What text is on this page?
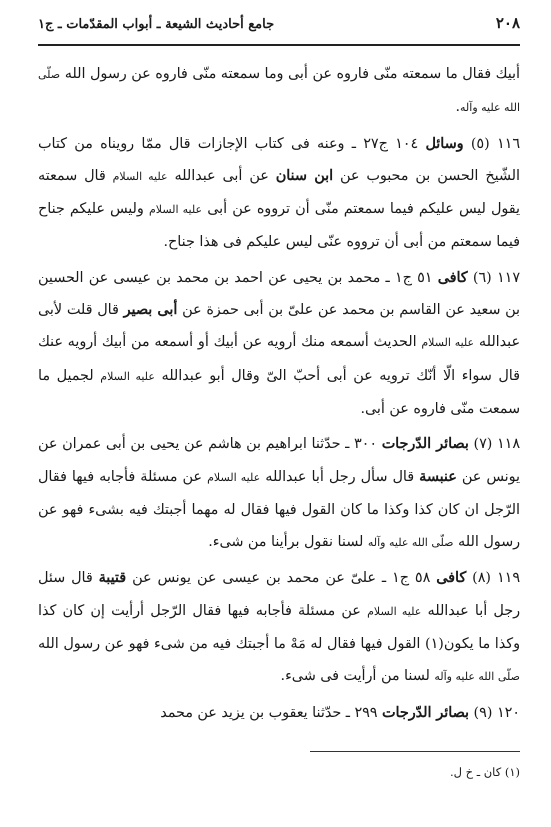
٢٠٨
جامع أحاديث الشيعة ـ أبواب المقدّمات ـ ج١

أبيك فقال ما سمعته منّى فاروه عن أبى وما سمعته منّى فاروه عن رسول الله صلّى الله عليه وآله.

١١٦ (٥) وسائل ١٠٤ ج٢٧ ـ وعنه فى كتاب الإجازات قال ممّا رويناه من كتاب الشّيخ الحسن بن محبوب عن ابن سنان عن أبى عبدالله عليه السلام قال سمعته يقول ليس عليكم فيما سمعتم منّى أن ترووه عن أبى عليه السلام وليس عليكم جناح فيما سمعتم من أبى أن ترووه عنّى ليس عليكم فى هذا جناح.

١١٧ (٦) كافى ٥١ ج١ ـ محمد بن يحيى عن احمد بن محمد بن عيسى عن الحسين بن سعيد عن القاسم بن محمد عن علىّ بن أبى حمزة عن أبى بصير قال قلت لأبى عبدالله عليه السلام الحديث أسمعه منك أرويه عن أبيك أو أسمعه من أبيك أرويه عنك قال سواء الّا أنّك ترويه عن أبى أحبّ الىّ وقال أبو عبدالله عليه السلام لجميل ما سمعت منّى فاروه عن أبى.

١١٨ (٧) بصائر الدّرجات ٣٠٠ ـ حدّثنا ابراهيم بن هاشم عن يحيى بن أبى عمران عن يونس عن عنبسة قال سأل رجل أبا عبدالله عليه السلام عن مسئلة فأجابه فيها فقال الرّجل ان كان كذا وكذا ما كان القول فيها فقال له مهما أجبتك فيه بشىء فهو عن رسول الله صلّى الله عليه وآله لسنا نقول برأينا من شىء.

١١٩ (٨) كافى ٥٨ ج١ ـ علىّ عن محمد بن عيسى عن يونس عن قتيبة قال سئل رجل أبا عبدالله عليه السلام عن مسئلة فأجابه فيها فقال الرّجل أرأيت إن كان كذا وكذا ما يكون(١) القول فيها فقال له مَهْ ما أجبتك فيه من شىء فهو عن رسول الله صلّى الله عليه وآله لسنا من أرأيت فى شىء.

١٢٠ (٩) بصائر الدّرجات ٢٩٩ ـ حدّثنا يعقوب بن يزيد عن محمد

(١) كان ـ خ ل.
